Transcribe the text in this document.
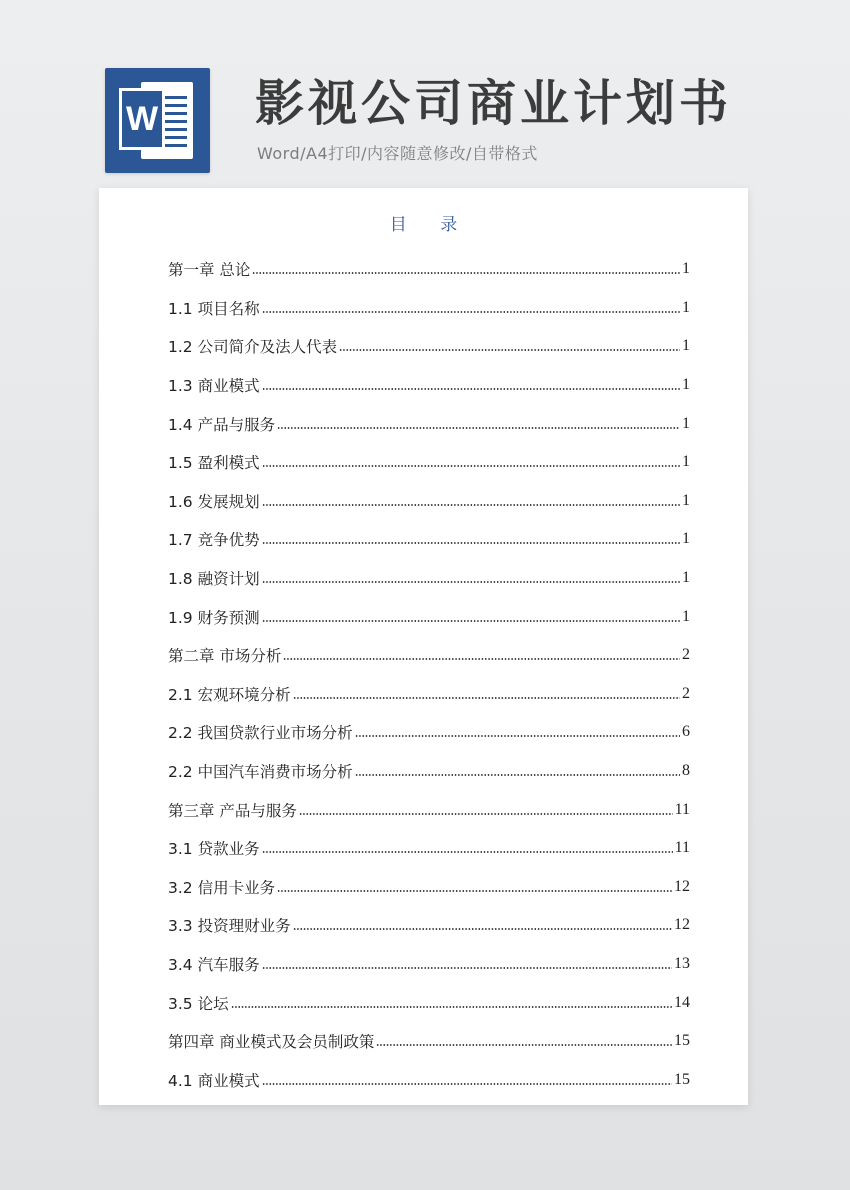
W 影视公司商业计划书

Word/A4打印/内容随意修改/自带格式

目 录
第一章 总论	1
1.1 项目名称	1
1.2 公司简介及法人代表	1
1.3 商业模式	1
1.4 产品与服务	1
1.5 盈利模式	1
1.6 发展规划	1
1.7 竞争优势	1
1.8 融资计划	1
1.9 财务预测	1
第二章 市场分析	2
2.1 宏观环境分析	2
2.2 我国贷款行业市场分析	6
2.2 中国汽车消费市场分析	8
第三章 产品与服务	11
3.1 贷款业务	11
3.2 信用卡业务	12
3.3 投资理财业务	12
3.4 汽车服务	13
3.5 论坛	14
第四章 商业模式及会员制政策	15
4.1 商业模式	15
